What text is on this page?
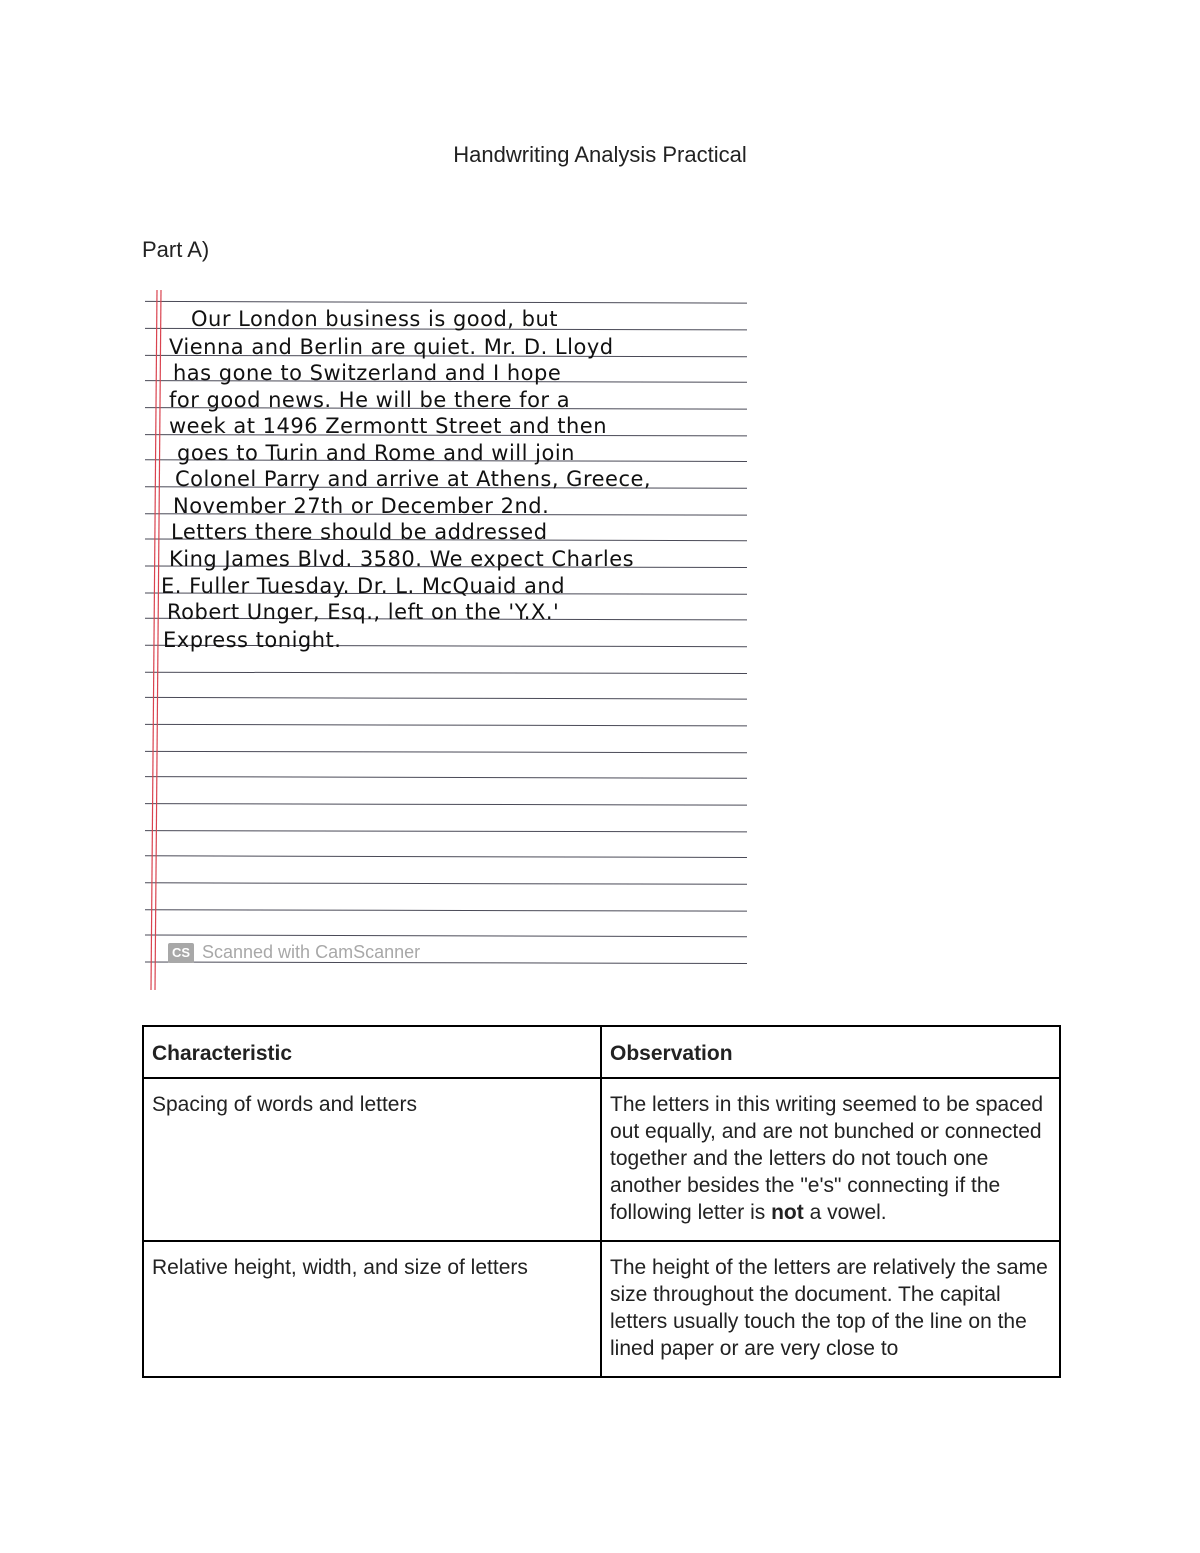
Handwriting Analysis Practical
Part A)
Our London business is good, but
Vienna and Berlin are quiet. Mr. D. Lloyd
has gone to Switzerland and I hope
for good news. He will be there for a
week at 1496 Zermontt Street and then
goes to Turin and Rome and will join
Colonel Parry and arrive at Athens, Greece,
November 27th or December 2nd.
Letters there should be addressed
King James Blvd. 3580. We expect Charles
E. Fuller Tuesday. Dr. L. McQuaid and
Robert Unger, Esq., left on the 'Y.X.'
Express tonight.
CS Scanned with CamScanner
Characteristic	Observation
Spacing of words and letters	The letters in this writing seemed to be spaced out equally, and are not bunched or connected together and the letters do not touch one another besides the "e's" connecting if the following letter is not a vowel.
Relative height, width, and size of letters	The height of the letters are relatively the same size throughout the document. The capital letters usually touch the top of the line on the lined paper or are very close to
